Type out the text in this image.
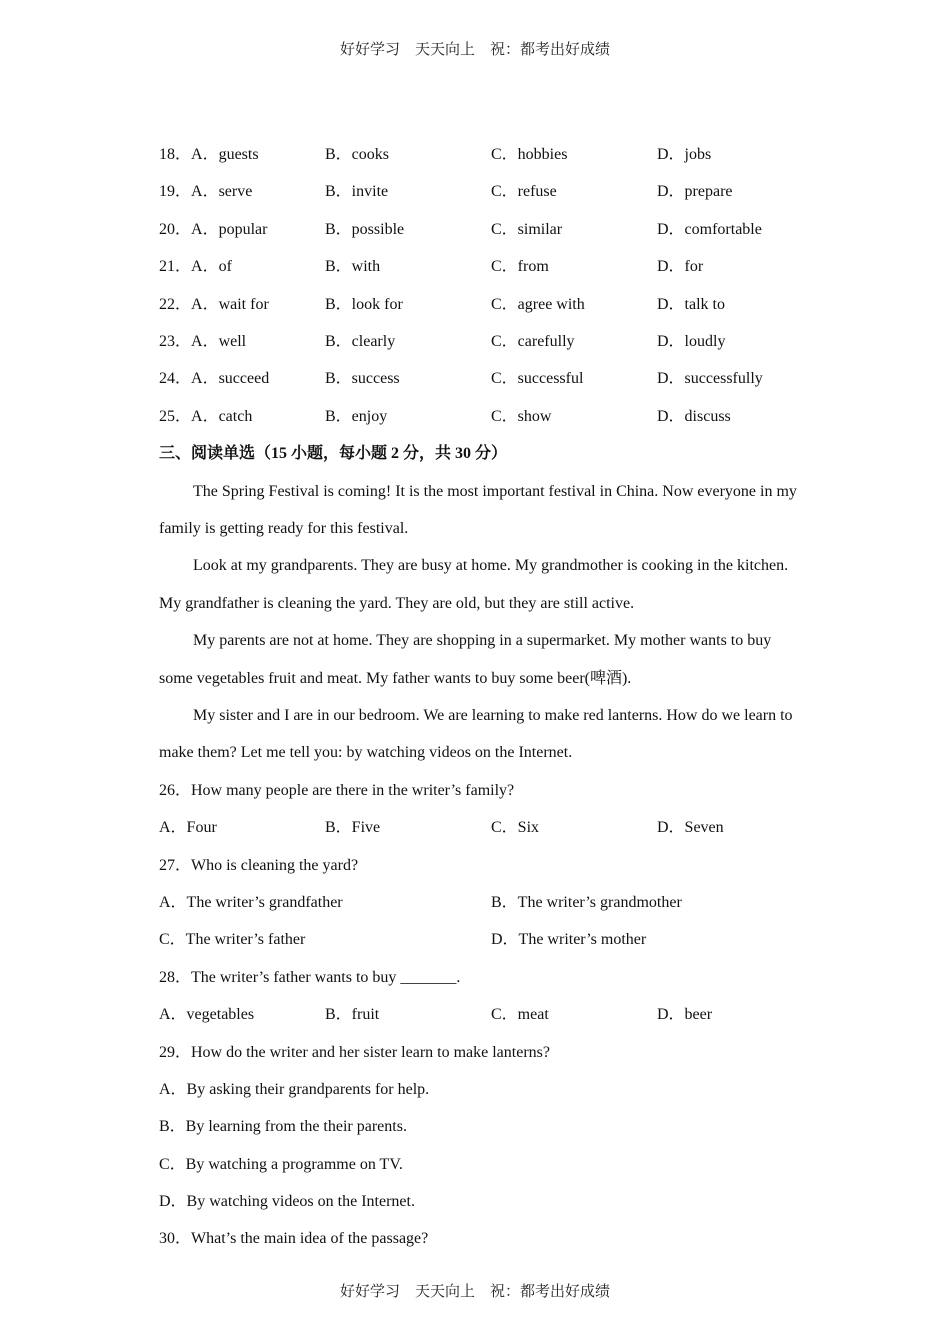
好好学习　天天向上　祝：都考出好成绩
18．A．guests	B．cooks	C．hobbies	D．jobs
19．A．serve	B．invite	C．refuse	D．prepare
20．A．popular	B．possible	C．similar	D．comfortable
21．A．of	B．with	C．from	D．for
22．A．wait for	B．look for	C．agree with	D．talk to
23．A．well	B．clearly	C．carefully	D．loudly
24．A．succeed	B．success	C．successful	D．successfully
25．A．catch	B．enjoy	C．show	D．discuss
三、阅读单选（15 小题，每小题 2 分，共 30 分）

The Spring Festival is coming! It is the most important festival in China. Now everyone in my family is getting ready for this festival.

Look at my grandparents. They are busy at home. My grandmother is cooking in the kitchen. My grandfather is cleaning the yard. They are old, but they are still active.

My parents are not at home. They are shopping in a supermarket. My mother wants to buy some vegetables fruit and meat. My father wants to buy some beer(啤酒).

My sister and I are in our bedroom. We are learning to make red lanterns. How do we learn to make them? Let me tell you: by watching videos on the Internet.

26．How many people are there in the writer’s family?
A．Four	B．Five	C．Six	D．Seven
27．Who is cleaning the yard?
A．The writer’s grandfather	B．The writer’s grandmother
C．The writer’s father	D．The writer’s mother
28．The writer’s father wants to buy _______.
A．vegetables	B．fruit	C．meat	D．beer
29．How do the writer and her sister learn to make lanterns?
A．By asking their grandparents for help.
B．By learning from the their parents.
C．By watching a programme on TV.
D．By watching videos on the Internet.
30．What’s the main idea of the passage?
好好学习　天天向上　祝：都考出好成绩
